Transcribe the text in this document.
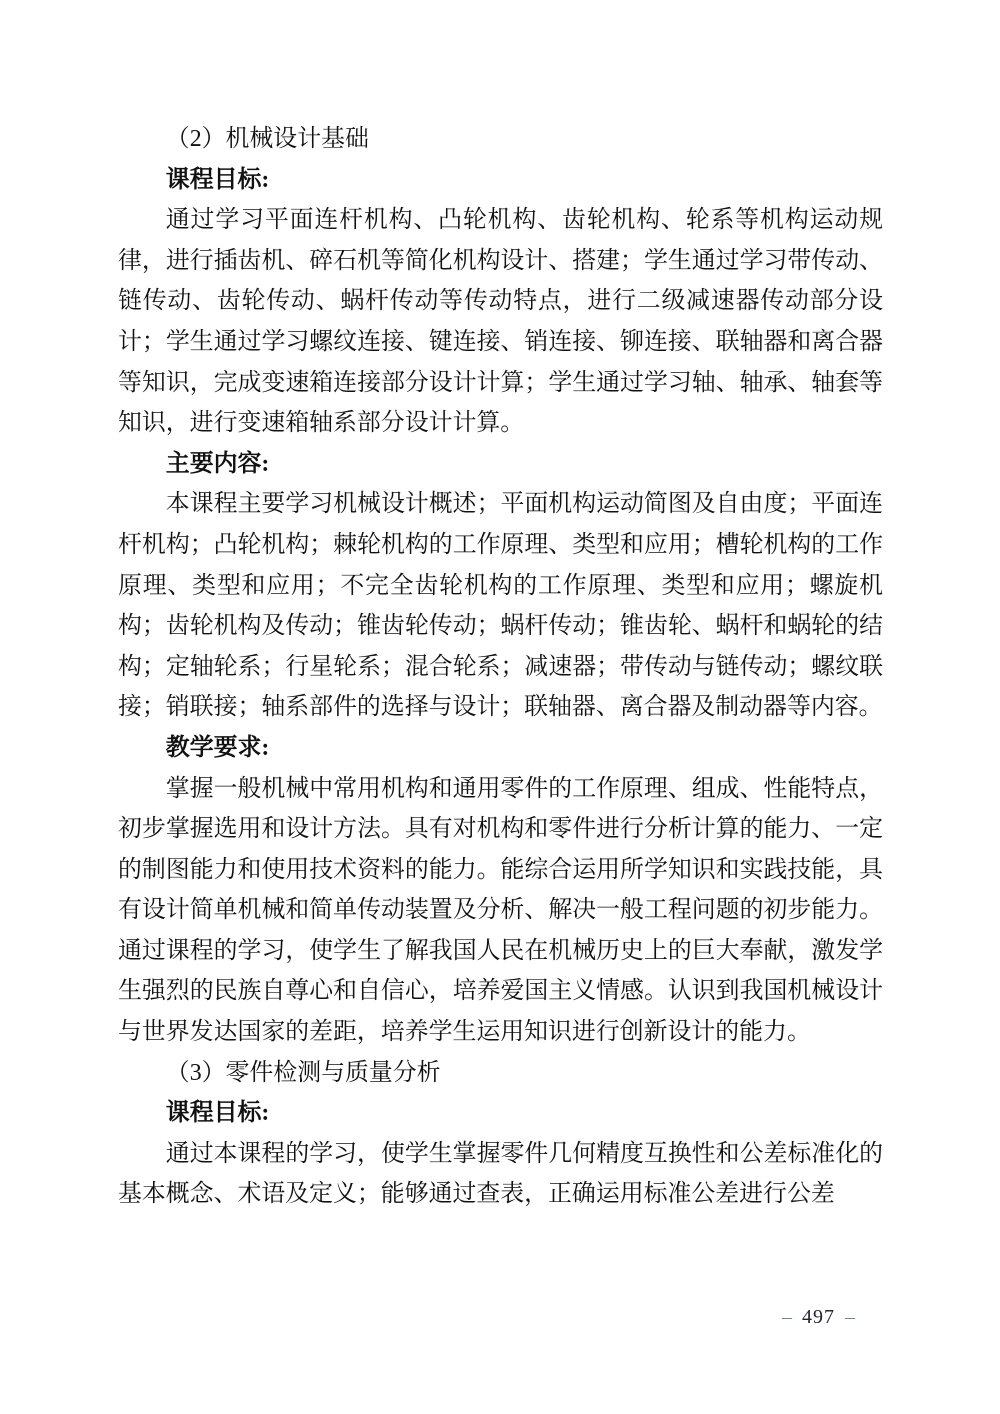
（2）机械设计基础

课程目标:

通过学习平面连杆机构、凸轮机构、齿轮机构、轮系等机构运动规律，进行插齿机、碎石机等简化机构设计、搭建；学生通过学习带传动、链传动、齿轮传动、蜗杆传动等传动特点，进行二级减速器传动部分设计；学生通过学习螺纹连接、键连接、销连接、铆连接、联轴器和离合器等知识，完成变速箱连接部分设计计算；学生通过学习轴、轴承、轴套等知识，进行变速箱轴系部分设计计算。

主要内容:

本课程主要学习机械设计概述；平面机构运动简图及自由度；平面连杆机构；凸轮机构；棘轮机构的工作原理、类型和应用；槽轮机构的工作原理、类型和应用；不完全齿轮机构的工作原理、类型和应用；螺旋机构；齿轮机构及传动；锥齿轮传动；蜗杆传动；锥齿轮、蜗杆和蜗轮的结构；定轴轮系；行星轮系；混合轮系；减速器；带传动与链传动；螺纹联接；销联接；轴系部件的选择与设计；联轴器、离合器及制动器等内容。

教学要求:

掌握一般机械中常用机构和通用零件的工作原理、组成、性能特点，初步掌握选用和设计方法。具有对机构和零件进行分析计算的能力、一定的制图能力和使用技术资料的能力。能综合运用所学知识和实践技能，具有设计简单机械和简单传动装置及分析、解决一般工程问题的初步能力。通过课程的学习，使学生了解我国人民在机械历史上的巨大奉献，激发学生强烈的民族自尊心和自信心，培养爱国主义情感。认识到我国机械设计与世界发达国家的差距，培养学生运用知识进行创新设计的能力。

（3）零件检测与质量分析

课程目标:

通过本课程的学习，使学生掌握零件几何精度互换性和公差标准化的基本概念、术语及定义；能够通过查表，正确运用标准公差进行公差

– 497 –
